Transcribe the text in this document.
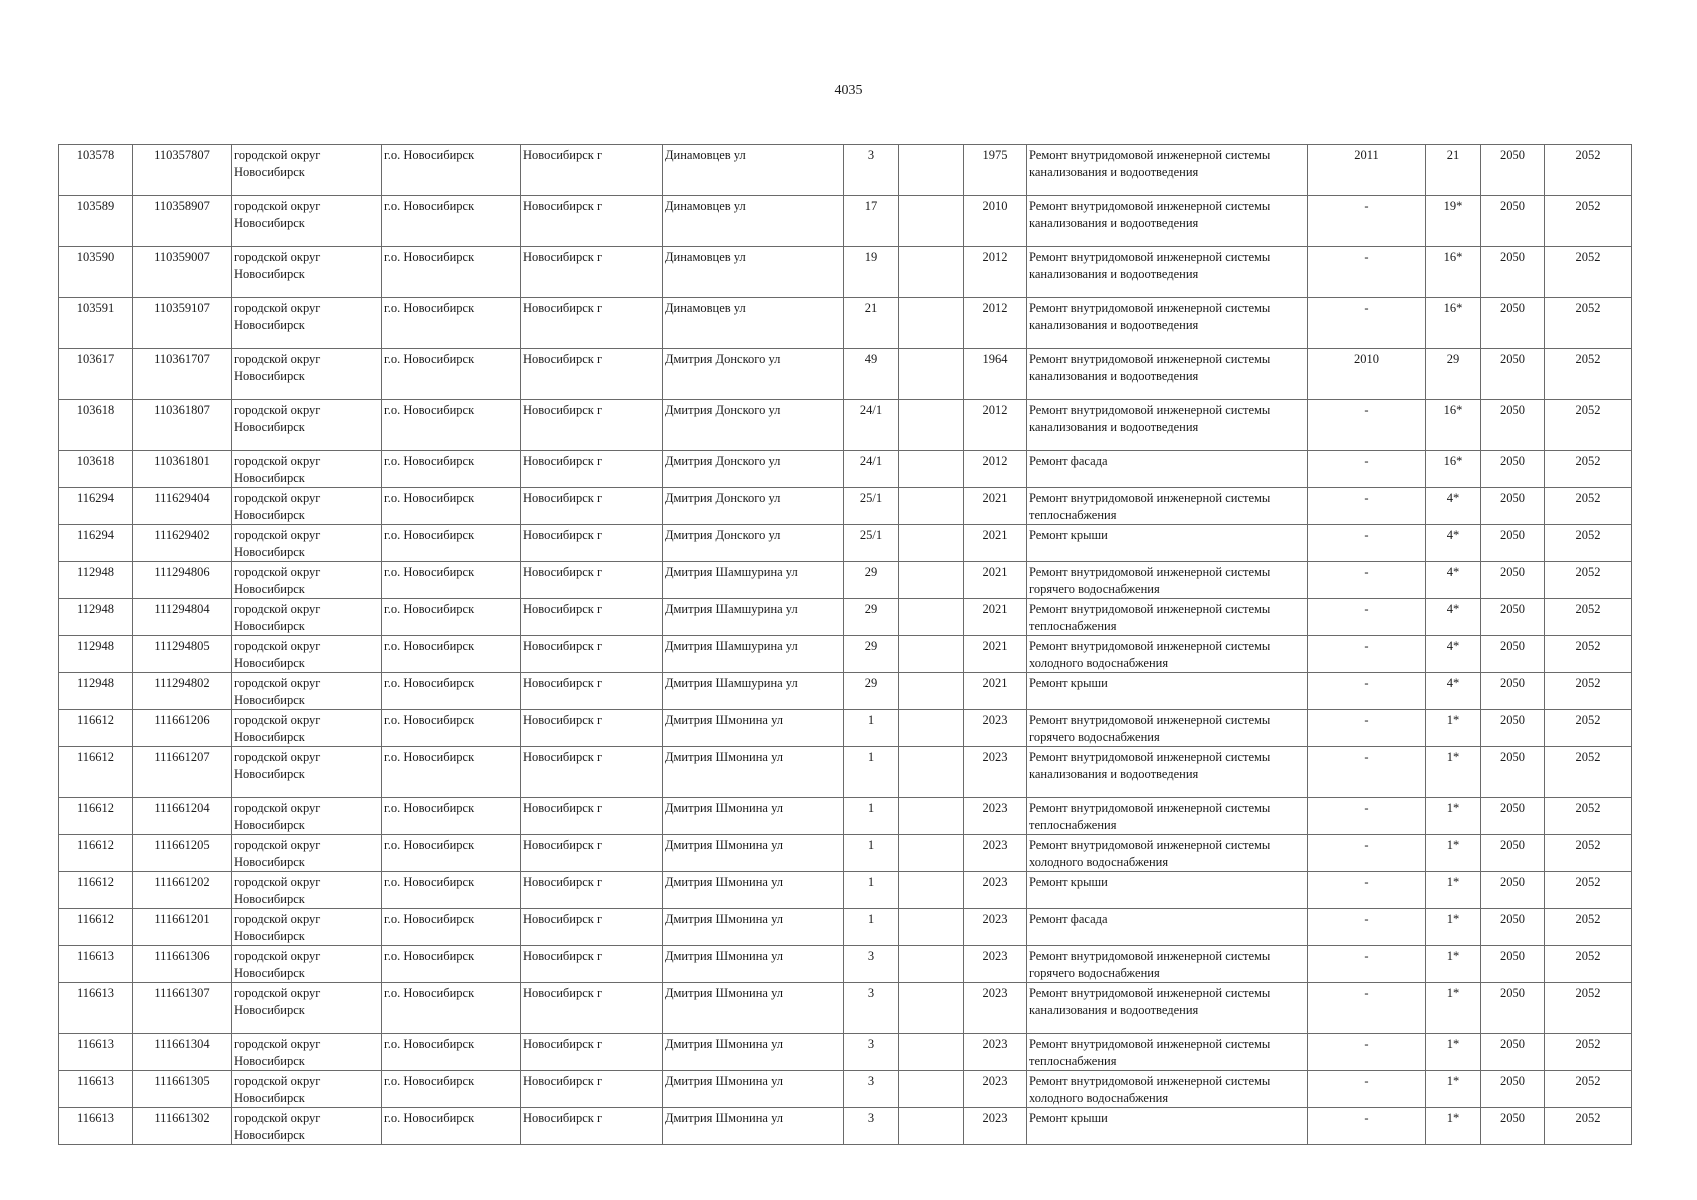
4035
103578	110357807	городской округ Новосибирск	г.о. Новосибирск	Новосибирск г	Динамовцев ул	3		1975	Ремонт внутридомовой инженерной системы канализования и водоотведения	2011	21	2050	2052
103589	110358907	городской округ Новосибирск	г.о. Новосибирск	Новосибирск г	Динамовцев ул	17		2010	Ремонт внутридомовой инженерной системы канализования и водоотведения	-	19*	2050	2052
103590	110359007	городской округ Новосибирск	г.о. Новосибирск	Новосибирск г	Динамовцев ул	19		2012	Ремонт внутридомовой инженерной системы канализования и водоотведения	-	16*	2050	2052
103591	110359107	городской округ Новосибирск	г.о. Новосибирск	Новосибирск г	Динамовцев ул	21		2012	Ремонт внутридомовой инженерной системы канализования и водоотведения	-	16*	2050	2052
103617	110361707	городской округ Новосибирск	г.о. Новосибирск	Новосибирск г	Дмитрия Донского ул	49		1964	Ремонт внутридомовой инженерной системы канализования и водоотведения	2010	29	2050	2052
103618	110361807	городской округ Новосибирск	г.о. Новосибирск	Новосибирск г	Дмитрия Донского ул	24/1		2012	Ремонт внутридомовой инженерной системы канализования и водоотведения	-	16*	2050	2052
103618	110361801	городской округ Новосибирск	г.о. Новосибирск	Новосибирск г	Дмитрия Донского ул	24/1		2012	Ремонт фасада	-	16*	2050	2052
116294	111629404	городской округ Новосибирск	г.о. Новосибирск	Новосибирск г	Дмитрия Донского ул	25/1		2021	Ремонт внутридомовой инженерной системы теплоснабжения	-	4*	2050	2052
116294	111629402	городской округ Новосибирск	г.о. Новосибирск	Новосибирск г	Дмитрия Донского ул	25/1		2021	Ремонт крыши	-	4*	2050	2052
112948	111294806	городской округ Новосибирск	г.о. Новосибирск	Новосибирск г	Дмитрия Шамшурина ул	29		2021	Ремонт внутридомовой инженерной системы горячего водоснабжения	-	4*	2050	2052
112948	111294804	городской округ Новосибирск	г.о. Новосибирск	Новосибирск г	Дмитрия Шамшурина ул	29		2021	Ремонт внутридомовой инженерной системы теплоснабжения	-	4*	2050	2052
112948	111294805	городской округ Новосибирск	г.о. Новосибирск	Новосибирск г	Дмитрия Шамшурина ул	29		2021	Ремонт внутридомовой инженерной системы холодного водоснабжения	-	4*	2050	2052
112948	111294802	городской округ Новосибирск	г.о. Новосибирск	Новосибирск г	Дмитрия Шамшурина ул	29		2021	Ремонт крыши	-	4*	2050	2052
116612	111661206	городской округ Новосибирск	г.о. Новосибирск	Новосибирск г	Дмитрия Шмонина ул	1		2023	Ремонт внутридомовой инженерной системы горячего водоснабжения	-	1*	2050	2052
116612	111661207	городской округ Новосибирск	г.о. Новосибирск	Новосибирск г	Дмитрия Шмонина ул	1		2023	Ремонт внутридомовой инженерной системы канализования и водоотведения	-	1*	2050	2052
116612	111661204	городской округ Новосибирск	г.о. Новосибирск	Новосибирск г	Дмитрия Шмонина ул	1		2023	Ремонт внутридомовой инженерной системы теплоснабжения	-	1*	2050	2052
116612	111661205	городской округ Новосибирск	г.о. Новосибирск	Новосибирск г	Дмитрия Шмонина ул	1		2023	Ремонт внутридомовой инженерной системы холодного водоснабжения	-	1*	2050	2052
116612	111661202	городской округ Новосибирск	г.о. Новосибирск	Новосибирск г	Дмитрия Шмонина ул	1		2023	Ремонт крыши	-	1*	2050	2052
116612	111661201	городской округ Новосибирск	г.о. Новосибирск	Новосибирск г	Дмитрия Шмонина ул	1		2023	Ремонт фасада	-	1*	2050	2052
116613	111661306	городской округ Новосибирск	г.о. Новосибирск	Новосибирск г	Дмитрия Шмонина ул	3		2023	Ремонт внутридомовой инженерной системы горячего водоснабжения	-	1*	2050	2052
116613	111661307	городской округ Новосибирск	г.о. Новосибирск	Новосибирск г	Дмитрия Шмонина ул	3		2023	Ремонт внутридомовой инженерной системы канализования и водоотведения	-	1*	2050	2052
116613	111661304	городской округ Новосибирск	г.о. Новосибирск	Новосибирск г	Дмитрия Шмонина ул	3		2023	Ремонт внутридомовой инженерной системы теплоснабжения	-	1*	2050	2052
116613	111661305	городской округ Новосибирск	г.о. Новосибирск	Новосибирск г	Дмитрия Шмонина ул	3		2023	Ремонт внутридомовой инженерной системы холодного водоснабжения	-	1*	2050	2052
116613	111661302	городской округ Новосибирск	г.о. Новосибирск	Новосибирск г	Дмитрия Шмонина ул	3		2023	Ремонт крыши	-	1*	2050	2052
